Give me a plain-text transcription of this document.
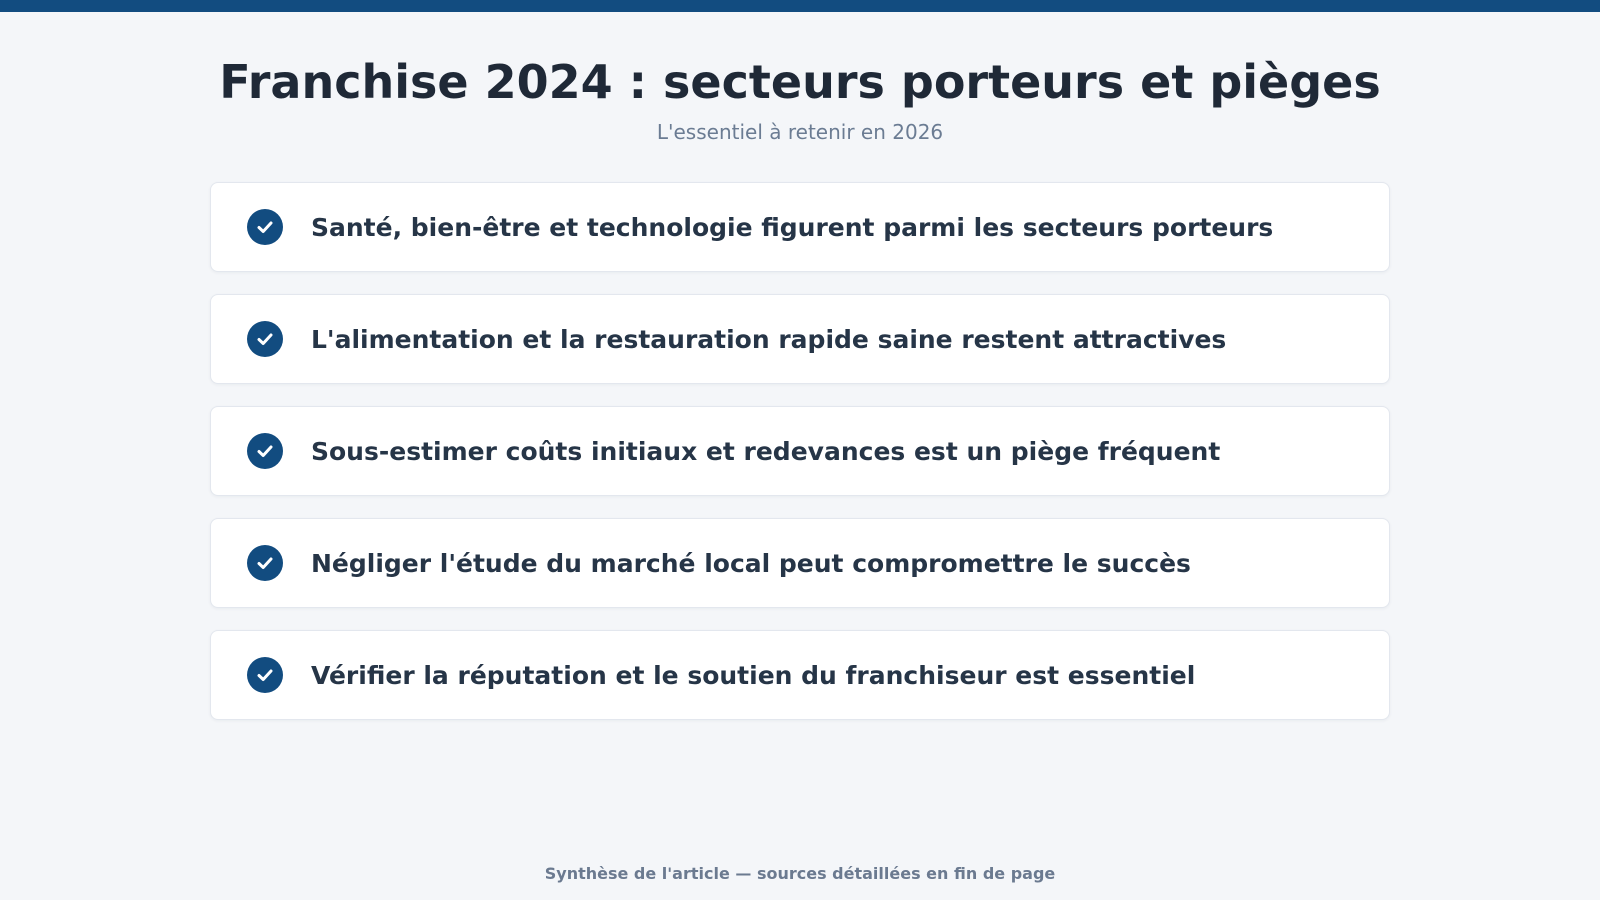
Franchise 2024 : secteurs porteurs et pièges

L'essentiel à retenir en 2026

Santé, bien-être et technologie figurent parmi les secteurs porteurs
L'alimentation et la restauration rapide saine restent attractives
Sous-estimer coûts initiaux et redevances est un piège fréquent
Négliger l'étude du marché local peut compromettre le succès
Vérifier la réputation et le soutien du franchiseur est essentiel

Synthèse de l'article — sources détaillées en fin de page
